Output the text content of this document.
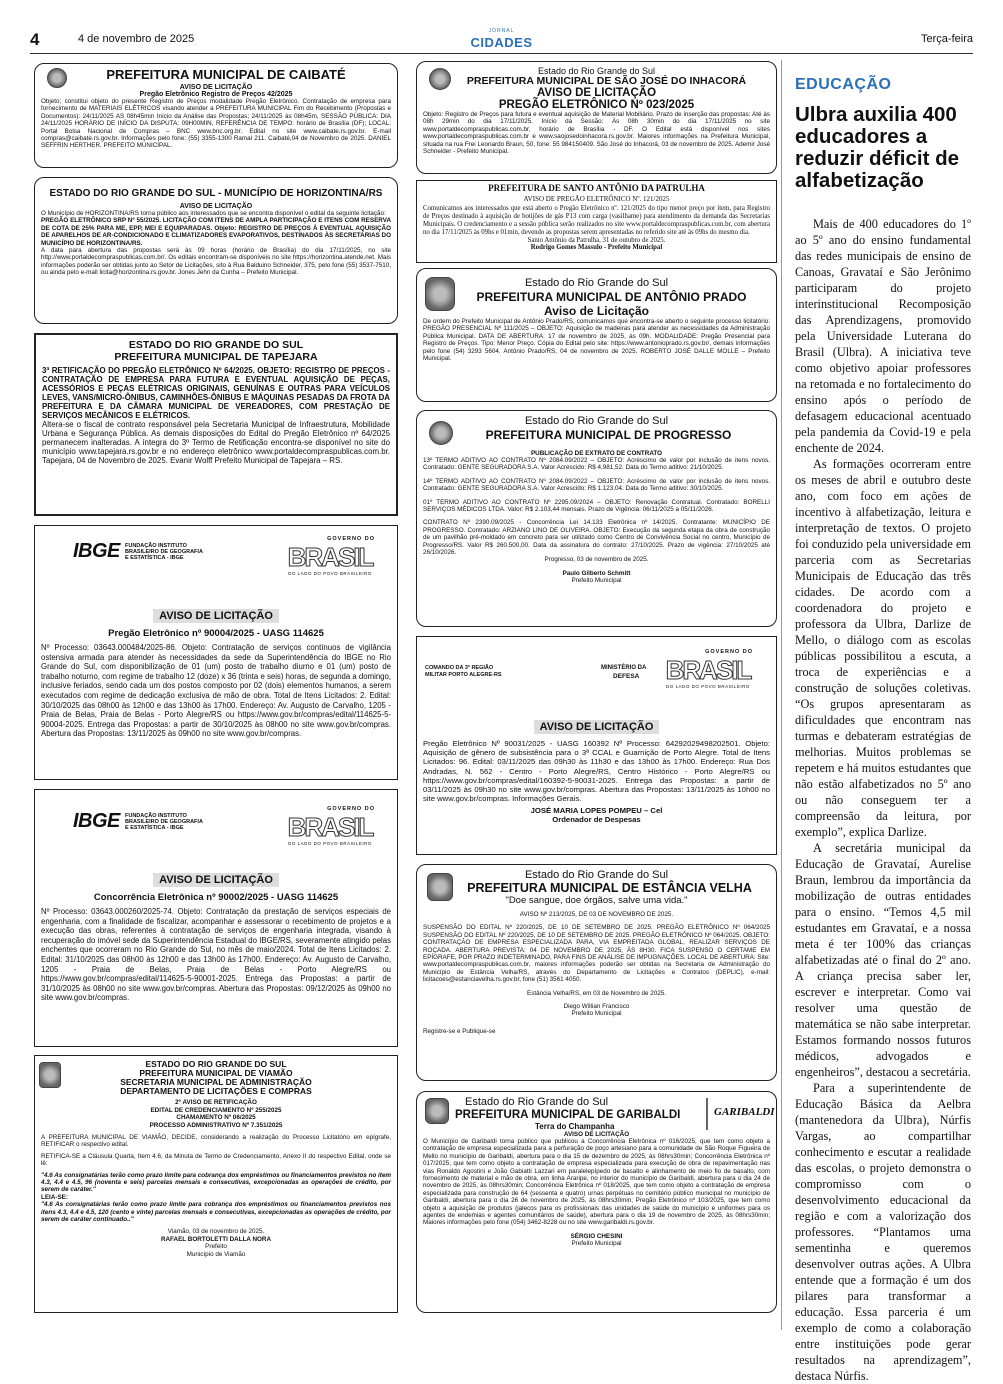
4	4 de novembro de 2025
JORNAL
CIDADES	Terça-feira
PREFEITURA MUNICIPAL DE CAIBATÉ
AVISO DE LICITAÇÃO
Pregão Eletrônico Registro de Preços 42/2025
Objeto; constitui objeto do presente Registro de Preços modalidade Pregão Eletrônico. Contratação de empresa para fornecimento de MATERIAIS ELÉTRICOS visando atender a PREFEITURA MUNICIPAL Fim do Recebimento (Propostas e Documentos): 24/11/2025 AS 08h45min Início da Análise das Propostas; 24/11/2025 às 08h45m, SESSÃO PÚBLICA: DIA 24/11/2025 HORÁRIO DE INÍCIO DA DISPUTA: 09H00MIN, REFERÊNCIA DE TEMPO: horário de Brasília (DF); LOCAL: Portal Bolsa Nacional de Compras – BNC www.bnc.org.br. Edital no site www.caibate.rs.gov.br. E-mail compras@caibate.rs.gov.br. Informações pelo fone: (55) 3355-1300 Ramal 211. Caibaté,04 de Novembro de 2025. DANIEL SEFFRIN HERTHER. PREFEITO MUNICIPAL.
ESTADO DO RIO GRANDE DO SUL - MUNICÍPIO DE HORIZONTINA/RS
AVISO DE LICITAÇÃO
O Município de HORIZONTINA/RS torna público aos interessados que se encontra disponível o edital da seguinte licitação:
PREGÃO ELETRÔNICO SRP Nº 55/2025. LICITAÇÃO COM ITENS DE AMPLA PARTICIPAÇÃO E ITENS COM RESERVA DE COTA DE 25% PARA ME, EPP, MEI E EQUIPARADAS. Objeto: REGISTRO DE PREÇOS À EVENTUAL AQUISIÇÃO DE APARELHOS DE AR-CONDICIONADO E CLIMATIZADORES EVAPORATIVOS, DESTINADOS ÀS SECRETARIAS DO MUNICÍPIO DE HORIZONTINA/RS.
A data para abertura das propostas será às 09 horas (horário de Brasília) do dia 17/11/2025, no site http://www.portaldecompraspublicas.com.br/. Os editais encontram-se disponíveis no site https://horizontina.atende.net. Mais informações poderão ser obtidas junto ao Setor de Licitações, sito à Rua Balduino Schneider, 375, pelo fone (55) 3537-7510, ou ainda pelo e-mail licita@horizontina.rs.gov.br. Jones Jehn da Cunha – Prefeito Municipal.
ESTADO DO RIO GRANDE DO SUL
PREFEITURA MUNICIPAL DE TAPEJARA
3ª RETIFICAÇÃO DO PREGÃO ELETRÔNICO Nº 64/2025. OBJETO: REGISTRO DE PREÇOS - CONTRATAÇÃO DE EMPRESA PARA FUTURA E EVENTUAL AQUISIÇÃO DE PEÇAS, ACESSÓRIOS E PEÇAS ELÉTRICAS ORIGINAIS, GENUÍNAS E OUTRAS PARA VEÍCULOS LEVES, VANS/MICRO-ÔNIBUS, CAMINHÕES-ÔNIBUS E MÁQUINAS PESADAS DA FROTA DA PREFEITURA E DA CÂMARA MUNICIPAL DE VEREADORES, COM PRESTAÇÃO DE SERVIÇOS MECÂNICOS E ELÉTRICOS.
Altera-se o fiscal de contrato responsável pela Secretaria Municipal de Infraestrutura, Mobilidade Urbana e Segurança Pública. As demais disposições do Edital do Pregão Eletrônico nº 64/2025 permanecem inalteradas. A íntegra do 3º Termo de Retificação encontra-se disponível no site do município www.tapejara.rs.gov.br e no endereço eletrônico www.portaldecompraspublicas.com.br. Tapejara, 04 de Novembro de 2025. Evanir Wolff Prefeito Municipal de Tapejara – RS.
IBGE FUNDAÇÃO INSTITUTO BRASILEIRO DE GEOGRAFIA E ESTATÍSTICA - IBGE
GOVERNO DO
BRASIL
DO LADO DO POVO BRASILEIRO
AVISO DE LICITAÇÃO
Pregão Eletrônico nº 90004/2025 - UASG 114625
Nº Processo: 03643.000484/2025-86. Objeto: Contratação de serviços contínuos de vigilância ostensiva armada para atender às necessidades da sede da Superintendência do IBGE no Rio Grande do Sul, com disponibilização de 01 (um) posto de trabalho diurno e 01 (um) posto de trabalho noturno, com regime de trabalho 12 (doze) x 36 (trinta e seis) horas, de segunda a domingo, inclusive feriados, sendo cada um dos postos composto por 02 (dois) elementos humanos, a serem executados com regime de dedicação exclusiva de mão de obra. Total de Itens Licitados: 2. Edital: 30/10/2025 das 08h00 às 12h00 e das 13h00 às 17h00. Endereço: Av. Augusto de Carvalho, 1205 - Praia de Belas, Praia de Belas - Porto Alegre/RS ou https://www.gov.br/compras/edital/114625-5-90004-2025. Entrega das Propostas: a partir de 30/10/2025 às 08h00 no site www.gov.br/compras. Abertura das Propostas: 13/11/2025 às 09h00 no site www.gov.br/compras.
IBGE FUNDAÇÃO INSTITUTO BRASILEIRO DE GEOGRAFIA E ESTATÍSTICA - IBGE
GOVERNO DO
BRASIL
DO LADO DO POVO BRASILEIRO
AVISO DE LICITAÇÃO
Concorrência Eletrônica nº 90002/2025 - UASG 114625
Nº Processo: 03643.000260/2025-74. Objeto: Contratação da prestação de serviços especiais de engenharia, com a finalidade de fiscalizar, acompanhar e assessorar o recebimento de projetos e a execução das obras, referentes à contratação de serviços de engenharia integrada, visando à recuperação do imóvel sede da Superintendência Estadual do IBGE/RS, severamente atingido pelas enchentes que ocorreram no Rio Grande do Sul, no mês de maio/2024. Total de Itens Licitados: 2. Edital: 31/10/2025 das 08h00 às 12h00 e das 13h00 às 17h00. Endereço: Av. Augusto de Carvalho, 1205 - Praia de Belas, Praia de Belas - Porto Alegre/RS ou https://www.gov.br/compras/edital/114625-5-90001-2025. Entrega das Propostas: a partir de 31/10/2025 às 08h00 no site www.gov.br/compras. Abertura das Propostas: 09/12/2025 às 09h00 no site www.gov.br/compras.
ESTADO DO RIO GRANDE DO SUL
PREFEITURA MUNICIPAL DE VIAMÃO
SECRETARIA MUNICIPAL DE ADMINISTRAÇÃO
DEPARTAMENTO DE LICITAÇÕES E COMPRAS
2º AVISO DE RETIFICAÇÃO
EDITAL DE CREDENCIAMENTO Nº 255/2025
CHAMAMENTO Nº 06/2025
PROCESSO ADMINISTRATIVO Nº 7.351/2025
A PREFEITURA MUNICIPAL DE VIAMÃO, DECIDE, considerando a realização do Processo Licitatório em epígrafe, RETIFICAR o respectivo edital.
RETIFICA-SE a Cláusula Quarta, Item 4.6, da Minuta de Termo de Credenciamento, Anexo II do respectivo Edital, onde se lê:
"4.6 As consignatárias terão como prazo limite para cobrança dos empréstimos ou financiamentos previstos no item 4.3, 4.4 e 4.5, 96 (noventa e seis) parcelas mensais e consecutivas, excepcionadas as operações de crédito, por serem de caráter."
LEIA-SE:
"4.6 As consignatárias terão como prazo limite para cobrança dos empréstimos ou financiamentos previstos nos itens 4.3, 4.4 e 4.5, 120 (cento e vinte) parcelas mensais e consecutivas, excepcionadas as operações de crédito, por serem de caráter continuado.."
Viamão, 03 de novembro de 2025.
RAFAEL BORTOLETTI DALLA NORA
Prefeito
Município de Viamão
Estado do Rio Grande do Sul
PREFEITURA MUNICIPAL DE SÃO JOSÉ DO INHACORÁ
AVISO DE LICITAÇÃO
PREGÃO ELETRÔNICO Nº 023/2025
Objeto: Registro de Preços para futura e eventual aquisição de Material Mobiliário. Prazo de inserção das propostas: Até às 08h 29min do dia 17/11/2025. Início da Sessão: Às 08h 30min do dia 17/11/2025 no site www.portaldecompraspublicas.com.br, horário de Brasília - DF. O Edital está disponível nos sites www.portaldecompraspublicas.com.br e www.saojosedoinhacora.rs.gov.br. Maiores informações na Prefeitura Municipal, situada na rua Frei Leonardo Braun, 50, fone: 55 984150409. São José do Inhacorá, 03 de novembro de 2025. Ademir José Schneider - Prefeito Municipal.
PREFEITURA DE SANTO ANTÔNIO DA PATRULHA
AVISO DE PREGÃO ELETRÔNICO Nº. 121/2025
Comunicamos aos interessados que está aberto o Pregão Eletrônico nº. 121/2025 do tipo menor preço por item, para Registro de Preços destinado à aquisição de botijões de gás P13 com carga (vasilhame) para atendimento da demanda das Secretarias Municipais. O credenciamento e a sessão pública serão realizados no site www.portaldecompraspublicas.com.br, com abertura no dia 17/11/2025 às 09hs e 01min, devendo as propostas serem apresentadas no referido site até às 09hs do mesmo dia.
Santo Antônio da Patrulha, 31 de outubro de 2025.
Rodrigo Gomes Massulo - Prefeito Municipal
Estado do Rio Grande do Sul
PREFEITURA MUNICIPAL DE ANTÔNIO PRADO
Aviso de Licitação
De ordem do Prefeito Municipal de Antônio Prado/RS, comunicamos que encontra-se aberto o seguinte processo licitatório: PREGÃO PRESENCIAL Nº 111/2025 – OBJETO: Aquisição de madeiras para atender as necessidades da Administração Pública Municipal. DATA DE ABERTURA: 17 de novembro de 2025, às 09h. MODALIDADE: Pregão Presencial para Registro de Preços. Tipo: Menor Preço. Cópia do Edital pelo site: https://www.antonioprado.rs.gov.br/, demais informações pelo fone (54) 3293 5604. Antônio Prado/RS, 04 de novembro de 2025. ROBERTO JOSÉ DALLE MOLLE – Prefeito Municipal.
Estado do Rio Grande do Sul
PREFEITURA MUNICIPAL DE PROGRESSO
PUBLICAÇÃO DE EXTRATO DE CONTRATO
13º TERMO ADITIVO AO CONTRATO Nº 2084.09/2022 – OBJETO: Acréscimo de valor por inclusão de itens novos. Contratado: GENTE SEGURADORA S.A. Valor Acrescido: R$ 4.981,52. Data do Termo aditivo: 21/10/2025.
14º TERMO ADITIVO AO CONTRATO Nº 2084.09/2022 – OBJETO: Acréscimo de valor por inclusão de itens novos. Contratado: GENTE SEGURADORA S.A. Valor Acrescido: R$ 1.123,04. Data do Termo aditivo: 30/10/2025.
01º TERMO ADITIVO AO CONTRATO Nº 2295.09/2024 – OBJETO: Renovação Contratual. Contratado: BORELLI SERVIÇOS MÉDICOS LTDA. Valor: R$ 2.103,44 mensais. Prazo de Vigência: 06/11/2025 a 05/11/2026.
CONTRATO Nº 2390.09/2025 - Concorrência Lei 14.133 Eletrônica nº 14/2025. Contratante: MUNICÍPIO DE PROGRESSO. Contratado: ARZIANO LINO DE OLIVEIRA. OBJETO: Execução da segunda etapa da obra de construção de um pavilhão pré-moldado em concreto para ser utilizado como Centro de Convivência Social no centro, Município de Progresso/RS. Valor R$ 260.500,00. Data da assinatura do contrato: 27/10/2025. Prazo de vigência: 27/10/2025 até 26/10/2026.
Progresso, 03 de novembro de 2025.
Paulo Gilberto Schmitt
Prefeito Municipal
COMANDO DA 3ª REGIÃO MILITAR PORTO ALEGRE-RS
MINISTÉRIO DA
DEFESA
GOVERNO DO
BRASIL
DO LADO DO POVO BRASILEIRO
AVISO DE LICITAÇÃO
Pregão Eletrônico Nº 90031/2025 - UASG 160392 Nº Processo: 64292029498202501. Objeto: Aquisição de gênero de subsistência para o 3ª CCAL e Guarnição de Porto Alegre. Total de Itens Licitados: 96. Edital: 03/11/2025 das 09h30 às 11h30 e das 13h00 às 17h00. Endereço: Rua Dos Andradas, N. 562 - Centro - Porto Alegre/RS, Centro Histórico - Porto Alegre/RS ou https://www.gov.br/compras/edital/160392-5-90031-2025. Entrega das Propostas: a partir de 03/11/2025 às 09h30 no site www.gov.br/compras. Abertura das Propostas: 13/11/2025 às 10h00 no site www.gov.br/compras. Informações Gerais.
JOSÉ MARIA LOPES POMPEU – Cel
Ordenador de Despesas
Estado do Rio Grande do Sul
PREFEITURA MUNICIPAL DE ESTÂNCIA VELHA
"Doe sangue, doe órgãos, salve uma vida."
AVISO Nº 213/2025, DE 03 DE NOVEMBRO DE 2025.
SUSPENSÃO DO EDITAL Nº 220/2025, DE 10 DE SETEMBRO DE 2025. PREGÃO ELETRÔNICO Nº 064/2025 SUSPENSÃO DO EDITAL Nº 220/2025, DE 10 DE SETEMBRO DE 2025. PREGÃO ELETRÔNICO Nº 064/2025. OBJETO: CONTRATAÇÃO DE EMPRESA ESPECIALIZADA PARA, VIA EMPREITADA GLOBAL, REALIZAR SERVIÇOS DE ROÇADA. ABERTURA PREVISTA: 04 DE NOVEMBRO DE 2025, ÀS 8H30. FICA SUSPENSO O CERTAME EM EPÍGRAFE, POR PRAZO INDETERMINADO, PARA FINS DE ANÁLISE DE IMPUGNAÇÕES. LOCAL DE ABERTURA: Site: www.portaldecompraspublicas.com.br, maiores informações poderão ser obtidas na Secretaria de Administração do Município de Estância Velha/RS, através do Departamento de Licitações e Contratos (DEPLIC), e-mail: licitacoes@estanciavelha.rs.gov.br, fone (51) 3561 4050.
Estância Velha/RS, em 03 de Novembro de 2025.
Diego Willian Francisco
Prefeito Municipal
Registre-se e Publique-se
GARIBALDI
Estado do Rio Grande do Sul
PREFEITURA MUNICIPAL DE GARIBALDI
Terra do Champanha
AVISO DE LICITAÇÃO
O Município de Garibaldi torna público que publicou a Concorrência Eletrônica nº 016/2025, que tem como objeto a contratação de empresa especializada para a perfuração de poço artesiano para a comunidade de São Roque Figueira de Mello no município de Garibaldi, abertura para o dia 15 de dezembro de 2025, às 08hrs30min; Concorrência Eletrônica nº 017/2025, que tem como objeto a contratação de empresa especializada para execução de obra de repavimentação nas vias Ronaldo Agostini e João Gabiatti Lazzari em paralelepípedo de basalto e alinhamento de meio fio de basalto, com fornecimento de material e mão de obra, em linha Araripe, no interior do município de Garibaldi, abertura para o dia 24 de novembro de 2025, às 08hrs30min; Concorrência Eletrônica nº 018/2025, que tem como objeto a contratação de empresa especializada para construção de 64 (sessenta e quatro) urnas perpétuas no cemitério público municipal no município de Garibaldi, abertura para o dia 26 de novembro de 2025, às 08hrs30min; Pregão Eletrônico nº 103/2025, que tem como objeto a aquisição de produtos (jalecos para os profissionais das unidades de saúde do município e uniformes para os agentes de endemias e agentes comunitários de saúde), abertura para o dia 19 de novembro de 2025, às 08hrs30min; Maiores informações pelo fone (054) 3462-8228 ou no site www.garibaldi.rs.gov.br.
SÉRGIO CHESINI
Prefeito Municipal
EDUCAÇÃO
Ulbra auxilia 400 educadores a reduzir déficit de alfabetização

Mais de 400 educadores do 1º ao 5º ano do ensino fundamental das redes municipais de ensino de Canoas, Gravataí e São Jerônimo participaram do projeto interinstitucional Recomposição das Aprendizagens, promovido pela Universidade Luterana do Brasil (Ulbra). A iniciativa teve como objetivo apoiar professores na retomada e no fortalecimento do ensino após o período de defasagem educacional acentuado pela pandemia da Covid-19 e pela enchente de 2024.

As formações ocorreram entre os meses de abril e outubro deste ano, com foco em ações de incentivo à alfabetização, leitura e interpretação de textos. O projeto foi conduzido pela universidade em parceria com as Secretarias Municipais de Educação das três cidades. De acordo com a coordenadora do projeto e professora da Ulbra, Darlize de Mello, o diálogo com as escolas públicas possibilitou a escuta, a troca de experiências e a construção de soluções coletivas. “Os grupos apresentaram as dificuldades que encontram nas turmas e debateram estratégias de melhorias. Muitos problemas se repetem e há muitos estudantes que não estão alfabetizados no 5º ano ou não conseguem ter a compreensão da leitura, por exemplo”, explica Darlize.

A secretária municipal da Educação de Gravataí, Aurelise Braun, lembrou da importância da mobilização de outras entidades para o ensino. “Temos 4,5 mil estudantes em Gravataí, e a nossa meta é ter 100% das crianças alfabetizadas até o final do 2º ano. A criança precisa saber ler, escrever e interpretar. Como vai resolver uma questão de matemática se não sabe interpretar. Estamos formando nossos futuros médicos, advogados e engenheiros”, destacou a secretária.

Para a superintendente de Educação Básica da Aelbra (mantenedora da Ulbra), Núrfis Vargas, ao compartilhar conhecimento e escutar a realidade das escolas, o projeto demonstra o compromisso com o desenvolvimento educacional da região e com a valorização dos professores. “Plantamos uma sementinha e queremos desenvolver outras ações. A Ulbra entende que a formação é um dos pilares para transformar a educação. Essa parceria é um exemplo de como a colaboração entre instituições pode gerar resultados na aprendizagem”, destaca Núrfis.
